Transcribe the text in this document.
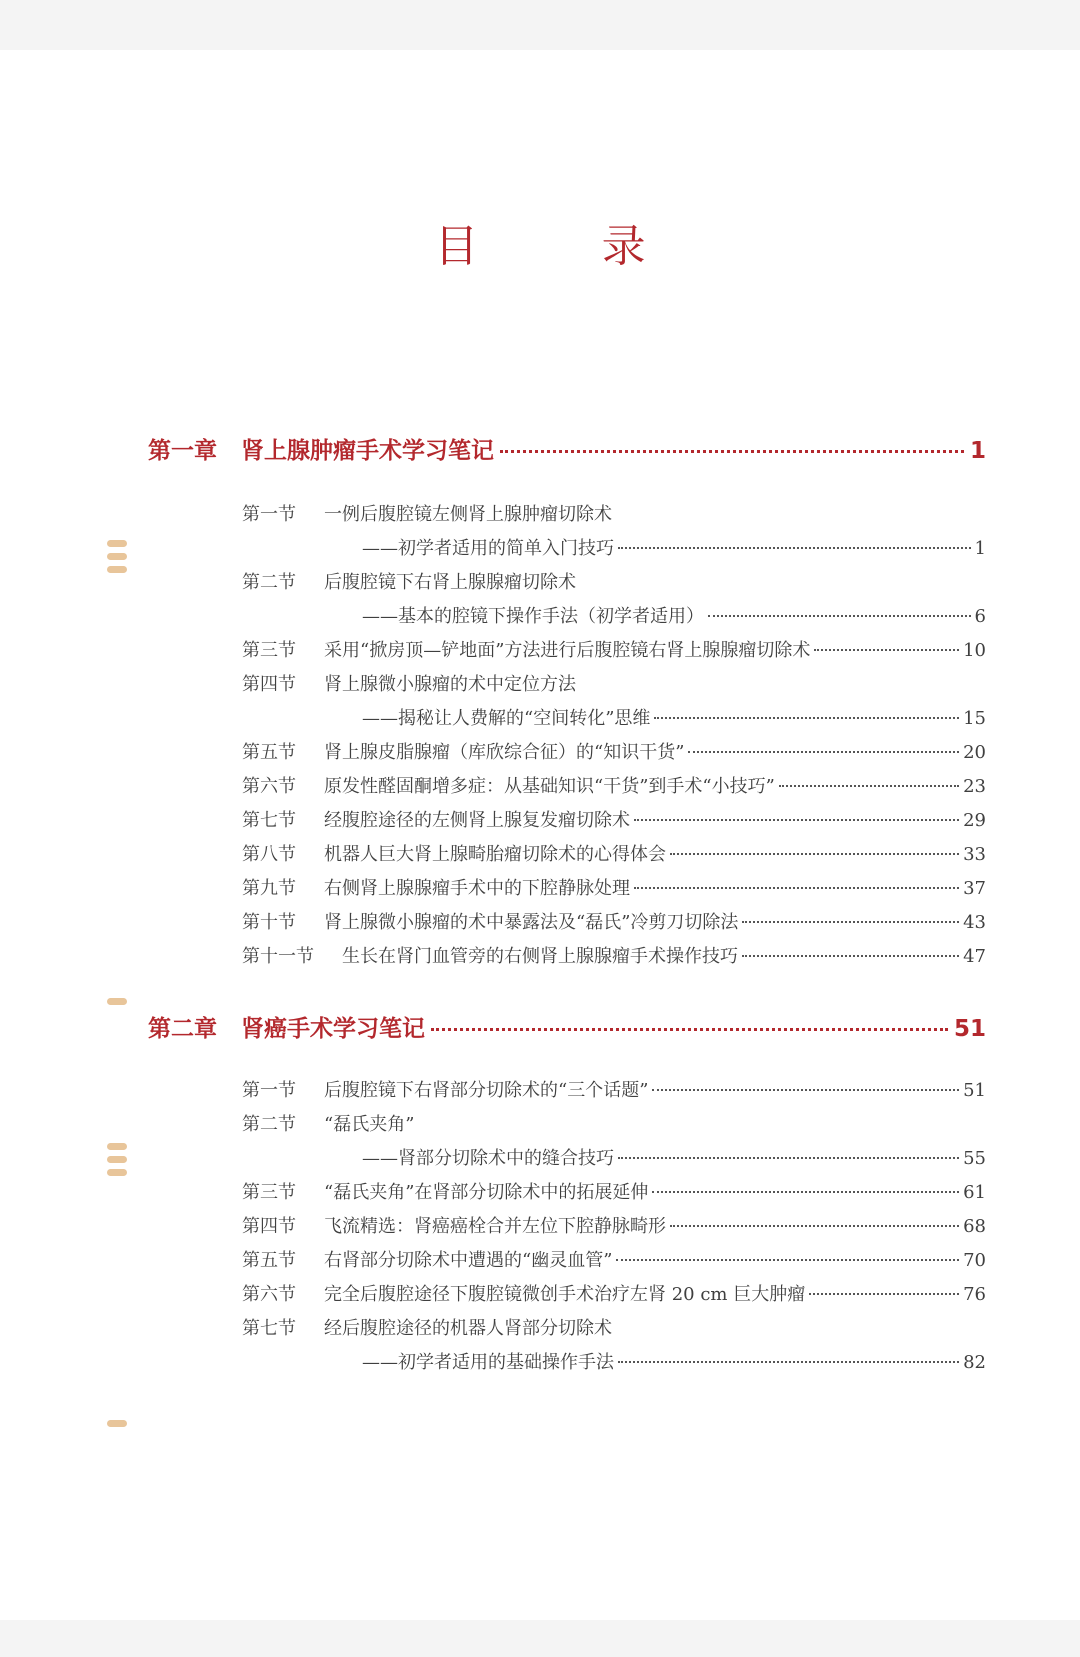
目　录
第一章 肾上腺肿瘤手术学习笔记	1
第一节	一例后腹腔镜左侧肾上腺肿瘤切除术
——初学者适用的简单入门技巧	1
第二节	后腹腔镜下右肾上腺腺瘤切除术
——基本的腔镜下操作手法（初学者适用）	6
第三节	采用“掀房顶—铲地面”方法进行后腹腔镜右肾上腺腺瘤切除术	10
第四节	肾上腺微小腺瘤的术中定位方法
——揭秘让人费解的“空间转化”思维	15
第五节	肾上腺皮脂腺瘤（库欣综合征）的“知识干货”	20
第六节	原发性醛固酮增多症：从基础知识“干货”到手术“小技巧”	23
第七节	经腹腔途径的左侧肾上腺复发瘤切除术	29
第八节	机器人巨大肾上腺畸胎瘤切除术的心得体会	33
第九节	右侧肾上腺腺瘤手术中的下腔静脉处理	37
第十节	肾上腺微小腺瘤的术中暴露法及“磊氏”冷剪刀切除法	43
第十一节	生长在肾门血管旁的右侧肾上腺腺瘤手术操作技巧	47
第二章 肾癌手术学习笔记	51
第一节	后腹腔镜下右肾部分切除术的“三个话题”	51
第二节	“磊氏夹角”
——肾部分切除术中的缝合技巧	55
第三节	“磊氏夹角”在肾部分切除术中的拓展延伸	61
第四节	飞流精选：肾癌癌栓合并左位下腔静脉畸形	68
第五节	右肾部分切除术中遭遇的“幽灵血管”	70
第六节	完全后腹腔途径下腹腔镜微创手术治疗左肾 20 cm 巨大肿瘤	76
第七节	经后腹腔途径的机器人肾部分切除术
——初学者适用的基础操作手法	82
